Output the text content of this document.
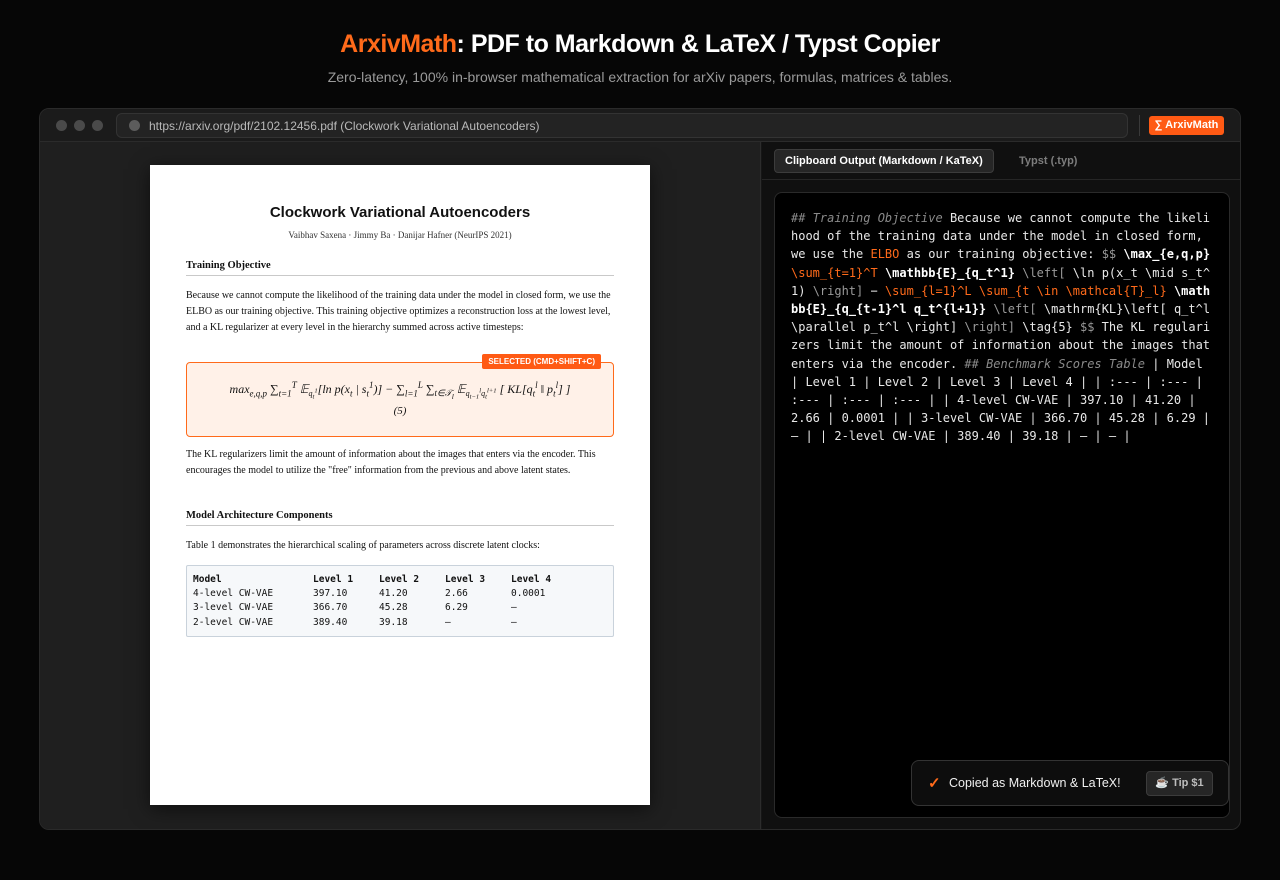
ArxivMath: PDF to Markdown & LaTeX / Typst Copier
Zero-latency, 100% in-browser mathematical extraction for arXiv papers, formulas, matrices & tables.
https://arxiv.org/pdf/2102.12456.pdf (Clockwork Variational Autoencoders)	∑ ArxivMath
Clockwork Variational Autoencoders
Vaibhav Saxena · Jimmy Ba · Danijar Hafner (NeurIPS 2021)
Training Objective
Because we cannot compute the likelihood of the training data under the model in closed form, we use the ELBO as our training objective. This training objective optimizes a reconstruction loss at the lowest level, and a KL regularizer at every level in the hierarchy summed across active timesteps:
SELECTED (CMD+SHIFT+C)
$\max_{e,q,p} \sum_{t=1}^T$ 𝔼$_{q_t^1}$[ln $p(x_t$ | $s_t^1)] - \sum_{l=1}^L$ $\sum_{t\in 𝒯_l}$ 𝔼$_{q_{t-1}^lq_t^{l+1}}$ [ $KL[q_t^l$ ‖ $p_t^l$] ]
(5)
The KL regularizers limit the amount of information about the images that enters via the encoder. This encourages the model to utilize the "free" information from the previous and above latent states.
Model Architecture Components
Table 1 demonstrates the hierarchical scaling of parameters across discrete latent clocks:
Model	Level 1	Level 2	Level 3	Level 4
4-level CW-VAE	397.10	41.20	2.66	0.0001
3-level CW-VAE	366.70	45.28	6.29	—
2-level CW-VAE	389.40	39.18	—	—
Clipboard Output (Markdown / KaTeX)	Typst (.typ)
## Training Objective Because we cannot compute the likelihood of the training data under the model in closed form, we use the ELBO as our training objective: $$ \max_{e,q,p} \sum_{t=1}^T \mathbb{E}_{q_t^1} \left[ \ln p(x_t \mid s_t^1) \right] − \sum_{l=1}^L \sum_{t \in \mathcal{T}_l} \mathbb{E}_{q_{t-1}^l q_t^{l+1}} \left[ \mathrm{KL}\left[ q_t^l \parallel p_t^l \right] \right] \tag{5} $$ The KL regularizers limit the amount of information about the images that enters via the encoder. ## Benchmark Scores Table | Model | Level 1 | Level 2 | Level 3 | Level 4 | | :--- | :--- | :--- | :--- | :--- | | 4-level CW-VAE | 397.10 | 41.20 | 2.66 | 0.0001 | | 3-level CW-VAE | 366.70 | 45.28 | 6.29 | — | | 2-level CW-VAE | 389.40 | 39.18 | — | — |
✓ Copied as Markdown & LaTeX!	☕ Tip $1
